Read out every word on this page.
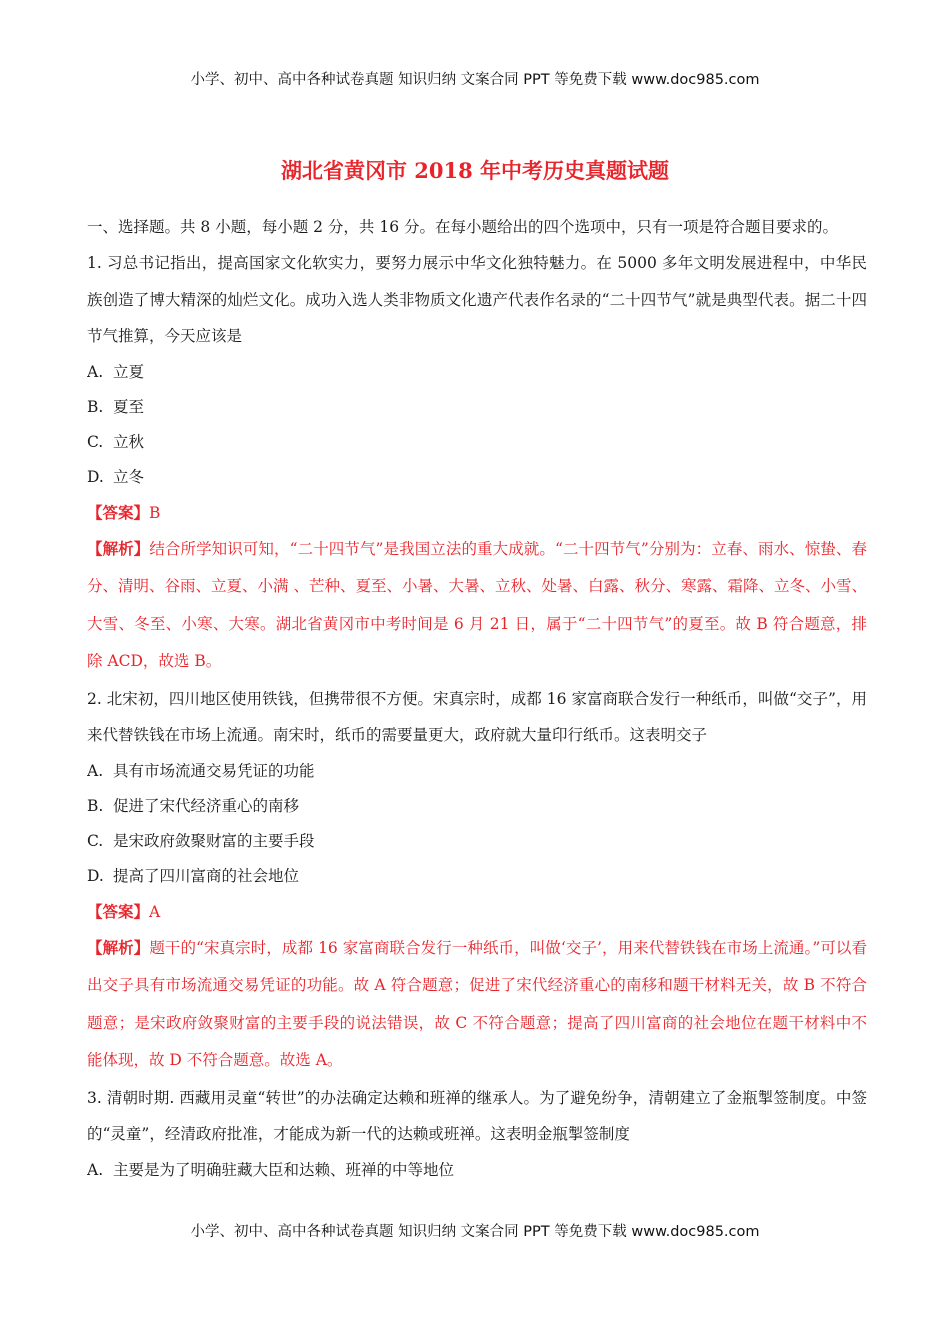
小学、初中、高中各种试卷真题 知识归纳 文案合同 PPT 等免费下载 www.doc985.com
湖北省黄冈市 2018 年中考历史真题试题
一、选择题。共 8 小题，每小题 2 分，共 16 分。在每小题给出的四个选项中，只有一项是符合题目要求的。
1. 习总书记指出，提高国家文化软实力，要努力展示中华文化独特魅力。在 5000 多年文明发展进程中，中华民族创造了博大精深的灿烂文化。成功入选人类非物质文化遗产代表作名录的“二十四节气”就是典型代表。据二十四节气推算，今天应该是
A. 立夏
B. 夏至
C. 立秋
D. 立冬
【答案】B
【解析】结合所学知识可知，“二十四节气”是我国立法的重大成就。“二十四节气”分别为：立春、雨水、惊蛰、春分、清明、谷雨、立夏、小满 、芒种、夏至、小暑、大暑、立秋、处暑、白露、秋分、寒露、霜降、立冬、小雪、大雪、冬至、小寒、大寒。湖北省黄冈市中考时间是 6 月 21 日，属于“二十四节气”的夏至。故 B 符合题意，排除 ACD，故选 B。
2. 北宋初，四川地区使用铁钱，但携带很不方便。宋真宗时，成都 16 家富商联合发行一种纸币，叫做“交子”，用来代替铁钱在市场上流通。南宋时，纸币的需要量更大，政府就大量印行纸币。这表明交子
A. 具有市场流通交易凭证的功能
B. 促进了宋代经济重心的南移
C. 是宋政府敛聚财富的主要手段
D. 提高了四川富商的社会地位
【答案】A
【解析】题干的“宋真宗时，成都 16 家富商联合发行一种纸币，叫做‘交子’，用来代替铁钱在市场上流通。”可以看出交子具有市场流通交易凭证的功能。故 A 符合题意；促进了宋代经济重心的南移和题干材料无关，故 B 不符合题意；是宋政府敛聚财富的主要手段的说法错误，故 C 不符合题意；提高了四川富商的社会地位在题干材料中不能体现，故 D 不符合题意。故选 A。
3. 清朝时期. 西藏用灵童“转世”的办法确定达赖和班禅的继承人。为了避免纷争，清朝建立了金瓶掣签制度。中签的“灵童”，经清政府批准，才能成为新一代的达赖或班禅。这表明金瓶掣签制度
A. 主要是为了明确驻藏大臣和达赖、班禅的中等地位
小学、初中、高中各种试卷真题 知识归纳 文案合同 PPT 等免费下载 www.doc985.com
